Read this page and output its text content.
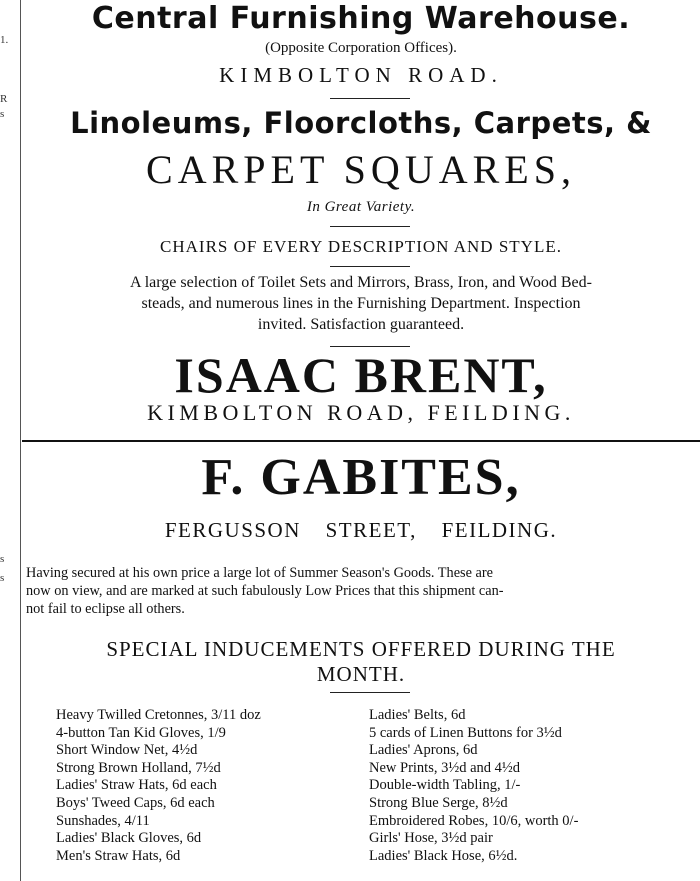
1.
R
s
s
s
Central Furnishing Warehouse.
(Opposite Corporation Offices).
KIMBOLTON ROAD.
Linoleums, Floorcloths, Carpets, &
CARPET SQUARES,
In Great Variety.
CHAIRS OF EVERY DESCRIPTION AND STYLE.
A large selection of Toilet Sets and Mirrors, Brass, Iron, and Wood Bed-
steads, and numerous lines in the Furnishing Department. Inspection
invited. Satisfaction guaranteed.
ISAAC BRENT,
KIMBOLTON ROAD, FEILDING.
F. GABITES,
FERGUSSON STREET, FEILDING.
Having secured at his own price a large lot of Summer Season's Goods. These are
now on view, and are marked at such fabulously Low Prices that this shipment can-
not fail to eclipse all others.
SPECIAL INDUCEMENTS OFFERED DURING THE
MONTH.
Heavy Twilled Cretonnes, 3/11 doz
4-button Tan Kid Gloves, 1/9
Short Window Net, 4½d
Strong Brown Holland, 7½d
Ladies' Straw Hats, 6d each
Boys' Tweed Caps, 6d each
Sunshades, 4/11
Ladies' Black Gloves, 6d
Men's Straw Hats, 6d
Ladies' Belts, 6d
5 cards of Linen Buttons for 3½d
Ladies' Aprons, 6d
New Prints, 3½d and 4½d
Double-width Tabling, 1/-
Strong Blue Serge, 8½d
Embroidered Robes, 10/6, worth 0/-
Girls' Hose, 3½d pair
Ladies' Black Hose, 6½d.
